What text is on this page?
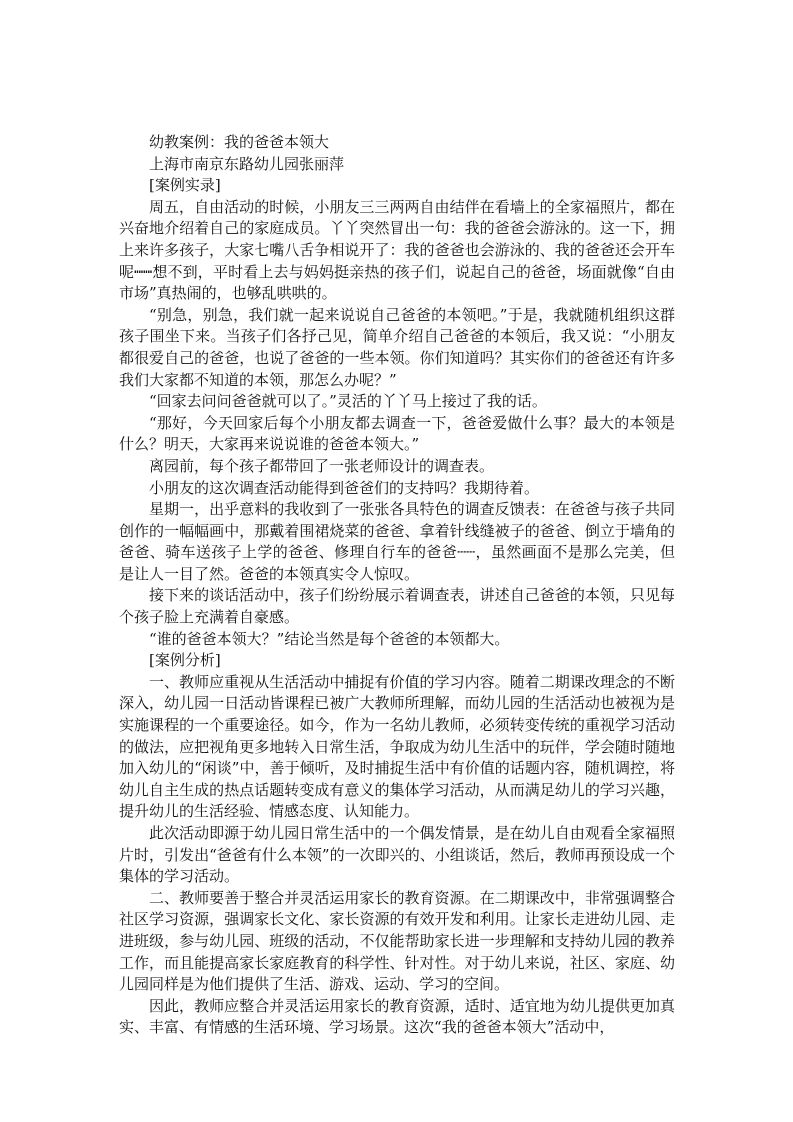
幼教案例：我的爸爸本领大

上海市南京东路幼儿园张丽萍

[案例实录]

周五，自由活动的时候，小朋友三三两两自由结伴在看墙上的全家福照片，都在兴奋地介绍着自己的家庭成员。丫丫突然冒出一句：我的爸爸会游泳的。这一下，拥上来许多孩子，大家七嘴八舌争相说开了：我的爸爸也会游泳的、我的爸爸还会开车呢┉┉想不到，平时看上去与妈妈挺亲热的孩子们，说起自己的爸爸，场面就像“自由市场”真热闹的，也够乱哄哄的。

“别急，别急，我们就一起来说说自己爸爸的本领吧。”于是，我就随机组织这群孩子围坐下来。当孩子们各抒己见，简单介绍自己爸爸的本领后，我又说：“小朋友都很爱自己的爸爸，也说了爸爸的一些本领。你们知道吗？其实你们的爸爸还有许多我们大家都不知道的本领，那怎么办呢？”

“回家去问问爸爸就可以了。”灵活的丫丫马上接过了我的话。

“那好，今天回家后每个小朋友都去调查一下，爸爸爱做什么事？最大的本领是什么？明天，大家再来说说谁的爸爸本领大。”

离园前，每个孩子都带回了一张老师设计的调查表。

小朋友的这次调查活动能得到爸爸们的支持吗？我期待着。

星期一，出乎意料的我收到了一张张各具特色的调查反馈表：在爸爸与孩子共同创作的一幅幅画中，那戴着围裙烧菜的爸爸、拿着针线缝被子的爸爸、倒立于墙角的爸爸、骑车送孩子上学的爸爸、修理自行车的爸爸┄┄，虽然画面不是那么完美，但是让人一目了然。爸爸的本领真实令人惊叹。

接下来的谈话活动中，孩子们纷纷展示着调查表，讲述自己爸爸的本领，只见每个孩子脸上充满着自豪感。

“谁的爸爸本领大？”结论当然是每个爸爸的本领都大。

[案例分析]

一、教师应重视从生活活动中捕捉有价值的学习内容。随着二期课改理念的不断深入，幼儿园一日活动皆课程已被广大教师所理解，而幼儿园的生活活动也被视为是实施课程的一个重要途径。如今，作为一名幼儿教师，必须转变传统的重视学习活动的做法，应把视角更多地转入日常生活，争取成为幼儿生活中的玩伴，学会随时随地加入幼儿的“闲谈”中，善于倾听，及时捕捉生活中有价值的话题内容，随机调控，将幼儿自主生成的热点话题转变成有意义的集体学习活动，从而满足幼儿的学习兴趣，提升幼儿的生活经验、情感态度、认知能力。

此次活动即源于幼儿园日常生活中的一个偶发情景，是在幼儿自由观看全家福照片时，引发出“爸爸有什么本领”的一次即兴的、小组谈话，然后，教师再预设成一个集体的学习活动。

二、教师要善于整合并灵活运用家长的教育资源。在二期课改中，非常强调整合社区学习资源，强调家长文化、家长资源的有效开发和利用。让家长走进幼儿园、走进班级，参与幼儿园、班级的活动，不仅能帮助家长进一步理解和支持幼儿园的教养工作，而且能提高家长家庭教育的科学性、针对性。对于幼儿来说，社区、家庭、幼儿园同样是为他们提供了生活、游戏、运动、学习的空间。

因此，教师应整合并灵活运用家长的教育资源，适时、适宜地为幼儿提供更加真实、丰富、有情感的生活环境、学习场景。这次“我的爸爸本领大”活动中，
